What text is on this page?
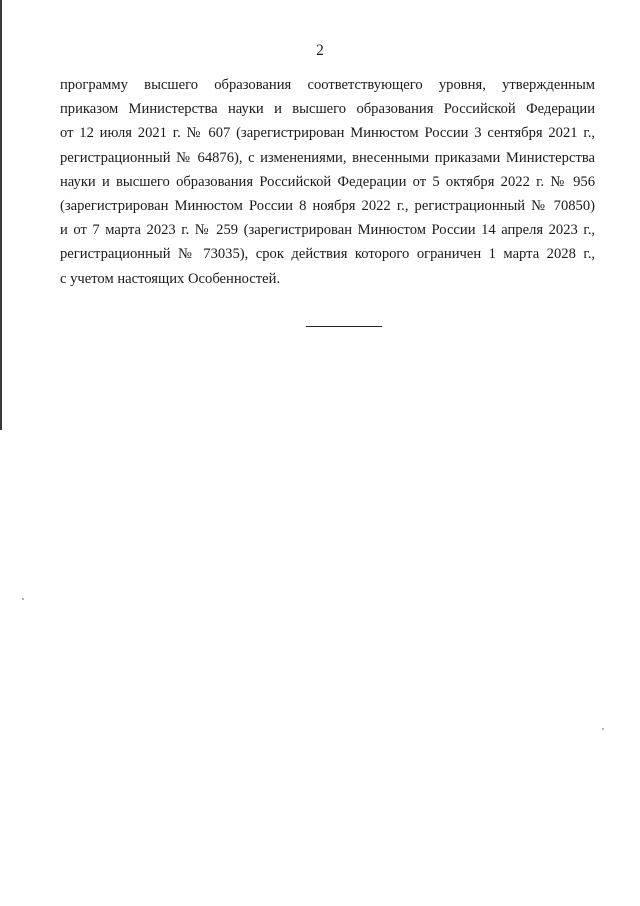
2

программу высшего образования соответствующего уровня, утвержденным
приказом Министерства науки и высшего образования Российской Федерации
от 12 июля 2021 г. № 607 (зарегистрирован Минюстом России 3 сентября 2021 г.,
регистрационный № 64876), с изменениями, внесенными приказами Министерства
науки и высшего образования Российской Федерации от 5 октября 2022 г. № 956
(зарегистрирован Минюстом России 8 ноября 2022 г., регистрационный № 70850)
и от 7 марта 2023 г. № 259 (зарегистрирован Минюстом России 14 апреля 2023 г.,
регистрационный № 73035), срок действия которого ограничен 1 марта 2028 г.,
с учетом настоящих Особенностей.
